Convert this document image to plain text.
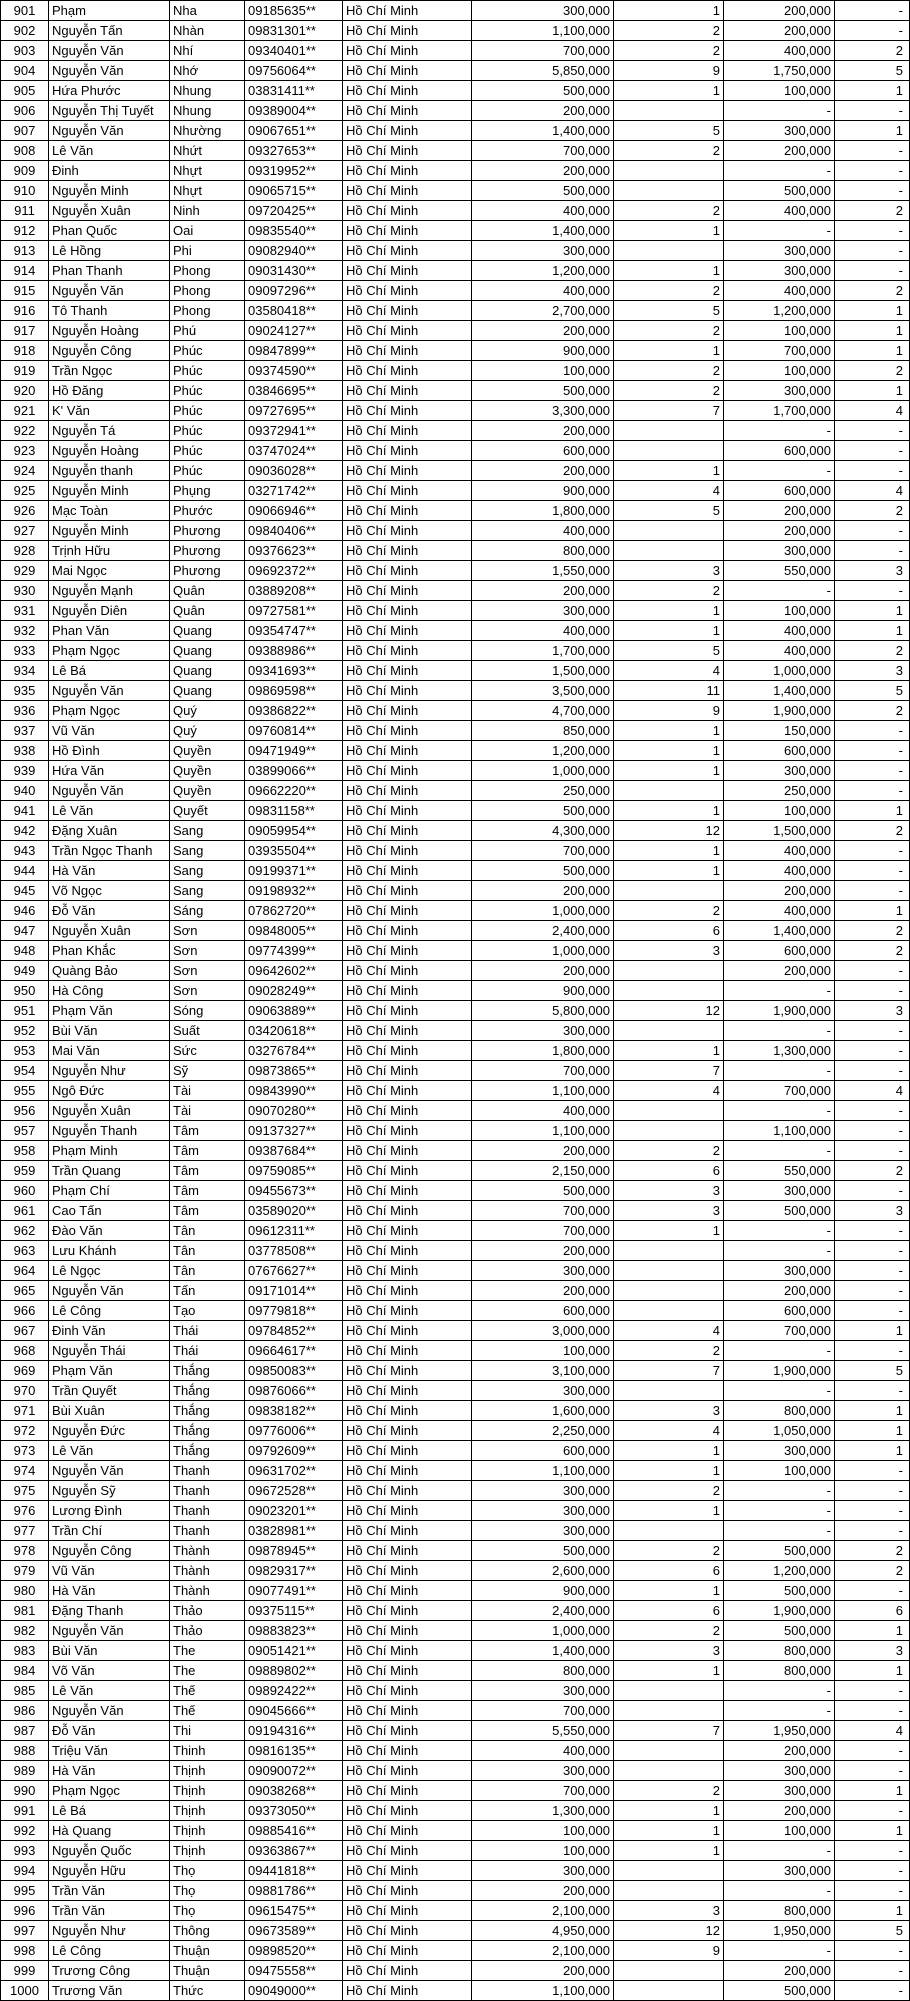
901	Phạm	Nha	09185635**	Hồ Chí Minh	300,000	1	200,000	-
902	Nguyễn Tấn	Nhàn	09831301**	Hồ Chí Minh	1,100,000	2	200,000	-
903	Nguyễn Văn	Nhí	09340401**	Hồ Chí Minh	700,000	2	400,000	2
904	Nguyễn Văn	Nhớ	09756064**	Hồ Chí Minh	5,850,000	9	1,750,000	5
905	Hứa Phước	Nhung	03831411**	Hồ Chí Minh	500,000	1	100,000	1
906	Nguyễn Thị Tuyết	Nhung	09389004**	Hồ Chí Minh	200,000		-	-
907	Nguyễn Văn	Nhường	09067651**	Hồ Chí Minh	1,400,000	5	300,000	1
908	Lê Văn	Nhứt	09327653**	Hồ Chí Minh	700,000	2	200,000	-
909	Đinh	Nhựt	09319952**	Hồ Chí Minh	200,000		-	-
910	Nguyễn Minh	Nhựt	09065715**	Hồ Chí Minh	500,000		500,000	-
911	Nguyễn Xuân	Ninh	09720425**	Hồ Chí Minh	400,000	2	400,000	2
912	Phan Quốc	Oai	09835540**	Hồ Chí Minh	1,400,000	1	-	-
913	Lê Hồng	Phi	09082940**	Hồ Chí Minh	300,000		300,000	-
914	Phan Thanh	Phong	09031430**	Hồ Chí Minh	1,200,000	1	300,000	-
915	Nguyễn Văn	Phong	09097296**	Hồ Chí Minh	400,000	2	400,000	2
916	Tô Thanh	Phong	03580418**	Hồ Chí Minh	2,700,000	5	1,200,000	1
917	Nguyễn Hoàng	Phú	09024127**	Hồ Chí Minh	200,000	2	100,000	1
918	Nguyễn Công	Phúc	09847899**	Hồ Chí Minh	900,000	1	700,000	1
919	Trần Ngọc	Phúc	09374590**	Hồ Chí Minh	100,000	2	100,000	2
920	Hồ Đăng	Phúc	03846695**	Hồ Chí Minh	500,000	2	300,000	1
921	K' Văn	Phúc	09727695**	Hồ Chí Minh	3,300,000	7	1,700,000	4
922	Nguyễn Tá	Phúc	09372941**	Hồ Chí Minh	200,000		-	-
923	Nguyễn Hoàng	Phúc	03747024**	Hồ Chí Minh	600,000		600,000	-
924	Nguyễn thanh	Phúc	09036028**	Hồ Chí Minh	200,000	1	-	-
925	Nguyễn Minh	Phụng	03271742**	Hồ Chí Minh	900,000	4	600,000	4
926	Mạc Toàn	Phước	09066946**	Hồ Chí Minh	1,800,000	5	200,000	2
927	Nguyễn Minh	Phương	09840406**	Hồ Chí Minh	400,000		200,000	-
928	Trịnh Hữu	Phương	09376623**	Hồ Chí Minh	800,000		300,000	-
929	Mai Ngọc	Phương	09692372**	Hồ Chí Minh	1,550,000	3	550,000	3
930	Nguyễn Mạnh	Quân	03889208**	Hồ Chí Minh	200,000	2	-	-
931	Nguyễn Diên	Quân	09727581**	Hồ Chí Minh	300,000	1	100,000	1
932	Phan Văn	Quang	09354747**	Hồ Chí Minh	400,000	1	400,000	1
933	Phạm Ngọc	Quang	09388986**	Hồ Chí Minh	1,700,000	5	400,000	2
934	Lê Bá	Quang	09341693**	Hồ Chí Minh	1,500,000	4	1,000,000	3
935	Nguyễn Văn	Quang	09869598**	Hồ Chí Minh	3,500,000	11	1,400,000	5
936	Phạm Ngọc	Quý	09386822**	Hồ Chí Minh	4,700,000	9	1,900,000	2
937	Vũ Văn	Quý	09760814**	Hồ Chí Minh	850,000	1	150,000	-
938	Hồ Đình	Quyền	09471949**	Hồ Chí Minh	1,200,000	1	600,000	-
939	Hứa Văn	Quyền	03899066**	Hồ Chí Minh	1,000,000	1	300,000	-
940	Nguyễn Văn	Quyền	09662220**	Hồ Chí Minh	250,000		250,000	-
941	Lê Văn	Quyết	09831158**	Hồ Chí Minh	500,000	1	100,000	1
942	Đặng Xuân	Sang	09059954**	Hồ Chí Minh	4,300,000	12	1,500,000	2
943	Trần Ngọc Thanh	Sang	03935504**	Hồ Chí Minh	700,000	1	400,000	-
944	Hà Văn	Sang	09199371**	Hồ Chí Minh	500,000	1	400,000	-
945	Võ Ngọc	Sang	09198932**	Hồ Chí Minh	200,000		200,000	-
946	Đỗ Văn	Sáng	07862720**	Hồ Chí Minh	1,000,000	2	400,000	1
947	Nguyễn Xuân	Sơn	09848005**	Hồ Chí Minh	2,400,000	6	1,400,000	2
948	Phan Khắc	Sơn	09774399**	Hồ Chí Minh	1,000,000	3	600,000	2
949	Quàng Bảo	Sơn	09642602**	Hồ Chí Minh	200,000		200,000	-
950	Hà Công	Sơn	09028249**	Hồ Chí Minh	900,000		-	-
951	Phạm Văn	Sóng	09063889**	Hồ Chí Minh	5,800,000	12	1,900,000	3
952	Bùi Văn	Suất	03420618**	Hồ Chí Minh	300,000		-	-
953	Mai Văn	Sức	03276784**	Hồ Chí Minh	1,800,000	1	1,300,000	-
954	Nguyễn Như	Sỹ	09873865**	Hồ Chí Minh	700,000	7	-	-
955	Ngô Đức	Tài	09843990**	Hồ Chí Minh	1,100,000	4	700,000	4
956	Nguyễn Xuân	Tài	09070280**	Hồ Chí Minh	400,000		-	-
957	Nguyễn Thanh	Tâm	09137327**	Hồ Chí Minh	1,100,000		1,100,000	-
958	Phạm Minh	Tâm	09387684**	Hồ Chí Minh	200,000	2	-	-
959	Trần Quang	Tâm	09759085**	Hồ Chí Minh	2,150,000	6	550,000	2
960	Phạm Chí	Tâm	09455673**	Hồ Chí Minh	500,000	3	300,000	-
961	Cao Tấn	Tâm	03589020**	Hồ Chí Minh	700,000	3	500,000	3
962	Đào Văn	Tân	09612311**	Hồ Chí Minh	700,000	1	-	-
963	Lưu Khánh	Tân	03778508**	Hồ Chí Minh	200,000		-	-
964	Lê Ngọc	Tân	07676627**	Hồ Chí Minh	300,000		300,000	-
965	Nguyễn Văn	Tấn	09171014**	Hồ Chí Minh	200,000		200,000	-
966	Lê Công	Tạo	09779818**	Hồ Chí Minh	600,000		600,000	-
967	Đinh Văn	Thái	09784852**	Hồ Chí Minh	3,000,000	4	700,000	1
968	Nguyễn Thái	Thái	09664617**	Hồ Chí Minh	100,000	2	-	-
969	Phạm Văn	Thắng	09850083**	Hồ Chí Minh	3,100,000	7	1,900,000	5
970	Trần Quyết	Thắng	09876066**	Hồ Chí Minh	300,000		-	-
971	Bùi Xuân	Thắng	09838182**	Hồ Chí Minh	1,600,000	3	800,000	1
972	Nguyễn Đức	Thắng	09776006**	Hồ Chí Minh	2,250,000	4	1,050,000	1
973	Lê Văn	Thắng	09792609**	Hồ Chí Minh	600,000	1	300,000	1
974	Nguyễn Văn	Thanh	09631702**	Hồ Chí Minh	1,100,000	1	100,000	-
975	Nguyễn Sỹ	Thanh	09672528**	Hồ Chí Minh	300,000	2	-	-
976	Lương Đình	Thanh	09023201**	Hồ Chí Minh	300,000	1	-	-
977	Trần Chí	Thanh	03828981**	Hồ Chí Minh	300,000		-	-
978	Nguyễn Công	Thành	09878945**	Hồ Chí Minh	500,000	2	500,000	2
979	Vũ Văn	Thành	09829317**	Hồ Chí Minh	2,600,000	6	1,200,000	2
980	Hà Văn	Thành	09077491**	Hồ Chí Minh	900,000	1	500,000	-
981	Đặng Thanh	Thảo	09375115**	Hồ Chí Minh	2,400,000	6	1,900,000	6
982	Nguyễn Văn	Thảo	09883823**	Hồ Chí Minh	1,000,000	2	500,000	1
983	Bùi Văn	The	09051421**	Hồ Chí Minh	1,400,000	3	800,000	3
984	Võ Văn	The	09889802**	Hồ Chí Minh	800,000	1	800,000	1
985	Lê Văn	Thế	09892422**	Hồ Chí Minh	300,000		-	-
986	Nguyễn Văn	Thế	09045666**	Hồ Chí Minh	700,000		-	-
987	Đỗ Văn	Thi	09194316**	Hồ Chí Minh	5,550,000	7	1,950,000	4
988	Triệu Văn	Thinh	09816135**	Hồ Chí Minh	400,000		200,000	-
989	Hà Văn	Thịnh	09090072**	Hồ Chí Minh	300,000		300,000	-
990	Phạm Ngọc	Thịnh	09038268**	Hồ Chí Minh	700,000	2	300,000	1
991	Lê Bá	Thịnh	09373050**	Hồ Chí Minh	1,300,000	1	200,000	-
992	Hà Quang	Thịnh	09885416**	Hồ Chí Minh	100,000	1	100,000	1
993	Nguyễn Quốc	Thịnh	09363867**	Hồ Chí Minh	100,000	1	-	-
994	Nguyễn Hữu	Thọ	09441818**	Hồ Chí Minh	300,000		300,000	-
995	Trần Văn	Thọ	09881786**	Hồ Chí Minh	200,000		-	-
996	Trần Văn	Thọ	09615475**	Hồ Chí Minh	2,100,000	3	800,000	1
997	Nguyễn Như	Thông	09673589**	Hồ Chí Minh	4,950,000	12	1,950,000	5
998	Lê Công	Thuận	09898520**	Hồ Chí Minh	2,100,000	9	-	-
999	Trương Công	Thuận	09475558**	Hồ Chí Minh	200,000		200,000	-
1000	Trương Văn	Thức	09049000**	Hồ Chí Minh	1,100,000		500,000	-
